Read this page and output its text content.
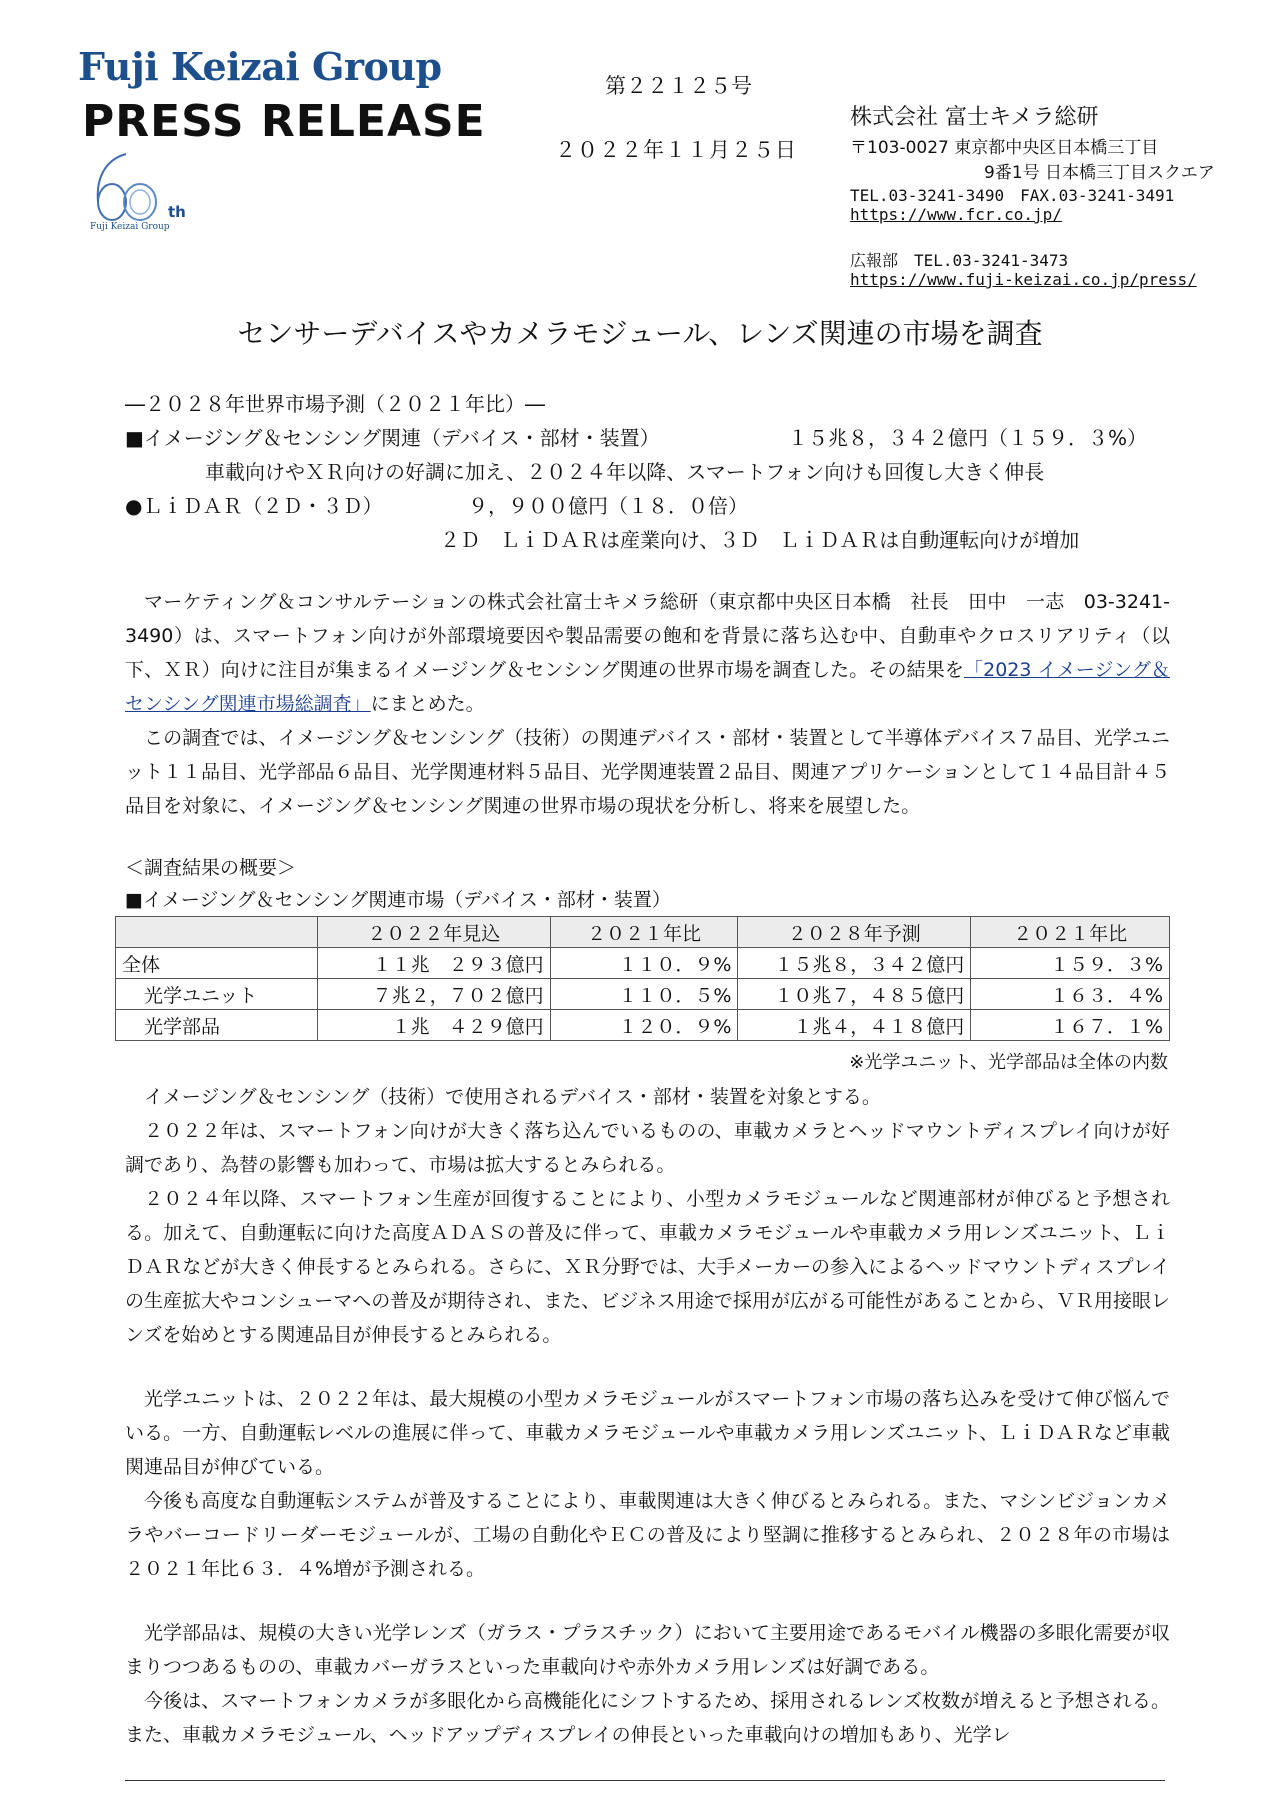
Fuji Keizai Group
PRESS RELEASE
th
Fuji Keizai Group
第２２１２５号
２０２２年１１月２５日
株式会社 富士キメラ総研
〒103-0027 東京都中央区日本橋三丁目
9番1号 日本橋三丁目スクエア
TEL.03-3241-3490　FAX.03-3241-3491
https://www.fcr.co.jp/
広報部　TEL.03-3241-3473
https://www.fuji-keizai.co.jp/press/
センサーデバイスやカメラモジュール、レンズ関連の市場を調査
―２０２８年世界市場予測（２０２１年比）―
■イメージング＆センシング関連（デバイス・部材・装置）	１５兆８，３４２億円（１５９．３%）
車載向けやＸＲ向けの好調に加え、２０２４年以降、スマートフォン向けも回復し大きく伸長
●ＬｉＤＡＲ（２Ｄ・３Ｄ）	９，９００億円（１８．０倍）
２Ｄ　ＬｉＤＡＲは産業向け、３Ｄ　ＬｉＤＡＲは自動運転向けが増加

マーケティング＆コンサルテーションの株式会社富士キメラ総研（東京都中央区日本橋　社長　田中　一志　03-3241-3490）は、スマートフォン向けが外部環境要因や製品需要の飽和を背景に落ち込む中、自動車やクロスリアリティ（以下、ＸＲ）向けに注目が集まるイメージング＆センシング関連の世界市場を調査した。その結果を「2023 イメージング＆センシング関連市場総調査」にまとめた。

この調査では、イメージング＆センシング（技術）の関連デバイス・部材・装置として半導体デバイス７品目、光学ユニット１１品目、光学部品６品目、光学関連材料５品目、光学関連装置２品目、関連アプリケーションとして１４品目計４５品目を対象に、イメージング＆センシング関連の世界市場の現状を分析し、将来を展望した。

＜調査結果の概要＞
■イメージング＆センシング関連市場（デバイス・部材・装置）
	２０２２年見込	２０２１年比	２０２８年予測	２０２１年比
全体	１１兆　２９３億円	１１０．９%	１５兆８，３４２億円	１５９．３%
光学ユニット	７兆２，７０２億円	１１０．５%	１０兆７，４８５億円	１６３．４%
光学部品	１兆　４２９億円	１２０．９%	１兆４，４１８億円	１６７．１%
※光学ユニット、光学部品は全体の内数

イメージング＆センシング（技術）で使用されるデバイス・部材・装置を対象とする。

２０２２年は、スマートフォン向けが大きく落ち込んでいるものの、車載カメラとヘッドマウントディスプレイ向けが好調であり、為替の影響も加わって、市場は拡大するとみられる。

２０２４年以降、スマートフォン生産が回復することにより、小型カメラモジュールなど関連部材が伸びると予想される。加えて、自動運転に向けた高度ＡＤＡＳの普及に伴って、車載カメラモジュールや車載カメラ用レンズユニット、ＬｉＤＡＲなどが大きく伸長するとみられる。さらに、ＸＲ分野では、大手メーカーの参入によるヘッドマウントディスプレイの生産拡大やコンシューマへの普及が期待され、また、ビジネス用途で採用が広がる可能性があることから、ＶＲ用接眼レンズを始めとする関連品目が伸長するとみられる。

光学ユニットは、２０２２年は、最大規模の小型カメラモジュールがスマートフォン市場の落ち込みを受けて伸び悩んでいる。一方、自動運転レベルの進展に伴って、車載カメラモジュールや車載カメラ用レンズユニット、ＬｉＤＡＲなど車載関連品目が伸びている。

今後も高度な自動運転システムが普及することにより、車載関連は大きく伸びるとみられる。また、マシンビジョンカメラやバーコードリーダーモジュールが、工場の自動化やＥＣの普及により堅調に推移するとみられ、２０２８年の市場は２０２１年比６３．４%増が予測される。

光学部品は、規模の大きい光学レンズ（ガラス・プラスチック）において主要用途であるモバイル機器の多眼化需要が収まりつつあるものの、車載カバーガラスといった車載向けや赤外カメラ用レンズは好調である。

今後は、スマートフォンカメラが多眼化から高機能化にシフトするため、採用されるレンズ枚数が増えると予想される。また、車載カメラモジュール、ヘッドアップディスプレイの伸長といった車載向けの増加もあり、光学レ
